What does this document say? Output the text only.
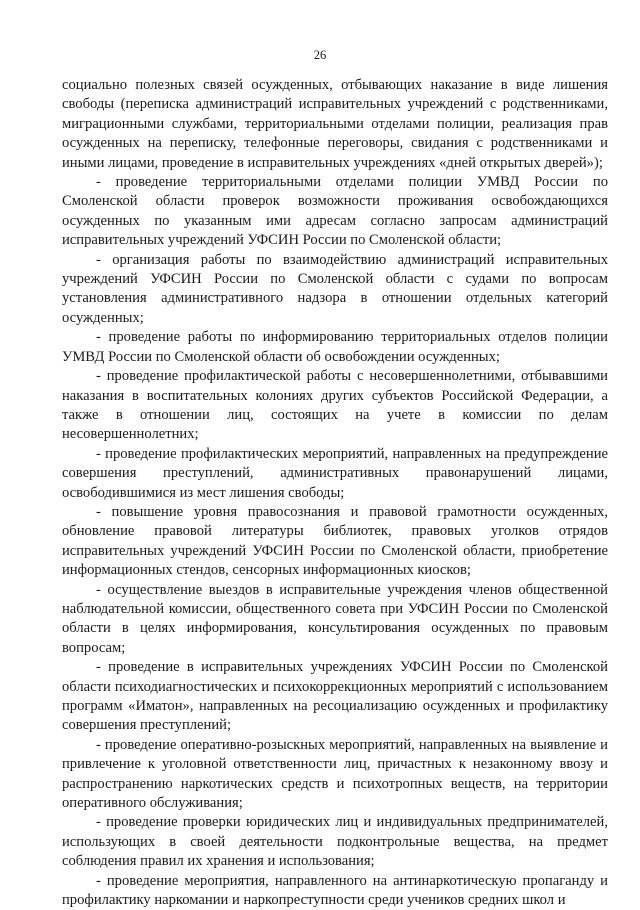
26

социально полезных связей осужденных, отбывающих наказание в виде лишения свободы (переписка администраций исправительных учреждений с родственниками, миграционными службами, территориальными отделами полиции, реализация прав осужденных на переписку, телефонные переговоры, свидания с родственниками и иными лицами, проведение в исправительных учреждениях «дней открытых дверей»);

- проведение территориальными отделами полиции УМВД России по Смоленской области проверок возможности проживания освобождающихся осужденных по указанным ими адресам согласно запросам администраций исправительных учреждений УФСИН России по Смоленской области;

- организация работы по взаимодействию администраций исправительных учреждений УФСИН России по Смоленской области с судами по вопросам установления административного надзора в отношении отдельных категорий осужденных;

- проведение работы по информированию территориальных отделов полиции УМВД России по Смоленской области об освобождении осужденных;

- проведение профилактической работы с несовершеннолетними, отбывавшими наказания в воспитательных колониях других субъектов Российской Федерации, а также в отношении лиц, состоящих на учете в комиссии по делам несовершеннолетних;

- проведение профилактических мероприятий, направленных на предупреждение совершения преступлений, административных правонарушений лицами, освободившимися из мест лишения свободы;

- повышение уровня правосознания и правовой грамотности осужденных, обновление правовой литературы библиотек, правовых уголков отрядов исправительных учреждений УФСИН России по Смоленской области, приобретение информационных стендов, сенсорных информационных киосков;

- осуществление выездов в исправительные учреждения членов общественной наблюдательной комиссии, общественного совета при УФСИН России по Смоленской области в целях информирования, консультирования осужденных по правовым вопросам;

- проведение в исправительных учреждениях УФСИН России по Смоленской области психодиагностических и психокоррекционных мероприятий с использованием программ «Иматон», направленных на ресоциализацию осужденных и профилактику совершения преступлений;

- проведение оперативно-розыскных мероприятий, направленных на выявление и привлечение к уголовной ответственности лиц, причастных к незаконному ввозу и распространению наркотических средств и психотропных веществ, на территории оперативного обслуживания;

- проведение проверки юридических лиц и индивидуальных предпринимателей, использующих в своей деятельности подконтрольные вещества, на предмет соблюдения правил их хранения и использования;

- проведение мероприятия, направленного на антинаркотическую пропаганду и профилактику наркомании и наркопреступности среди учеников средних школ и
